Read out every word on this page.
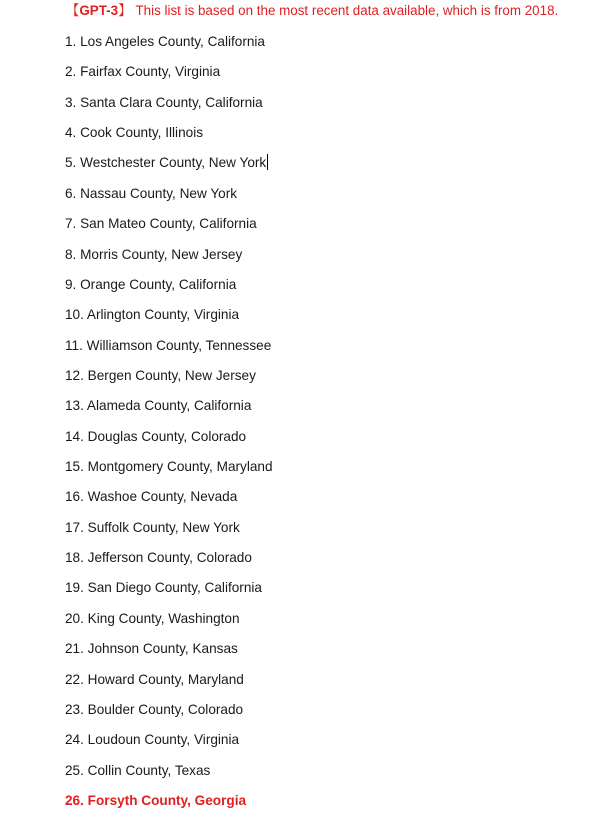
【GPT-3】 This list is based on the most recent data available, which is from 2018.
1. Los Angeles County, California
2. Fairfax County, Virginia
3. Santa Clara County, California
4. Cook County, Illinois
5. Westchester County, New York
6. Nassau County, New York
7. San Mateo County, California
8. Morris County, New Jersey
9. Orange County, California
10. Arlington County, Virginia
11. Williamson County, Tennessee
12. Bergen County, New Jersey
13. Alameda County, California
14. Douglas County, Colorado
15. Montgomery County, Maryland
16. Washoe County, Nevada
17. Suffolk County, New York
18. Jefferson County, Colorado
19. San Diego County, California
20. King County, Washington
21. Johnson County, Kansas
22. Howard County, Maryland
23. Boulder County, Colorado
24. Loudoun County, Virginia
25. Collin County, Texas
26. Forsyth County, Georgia
